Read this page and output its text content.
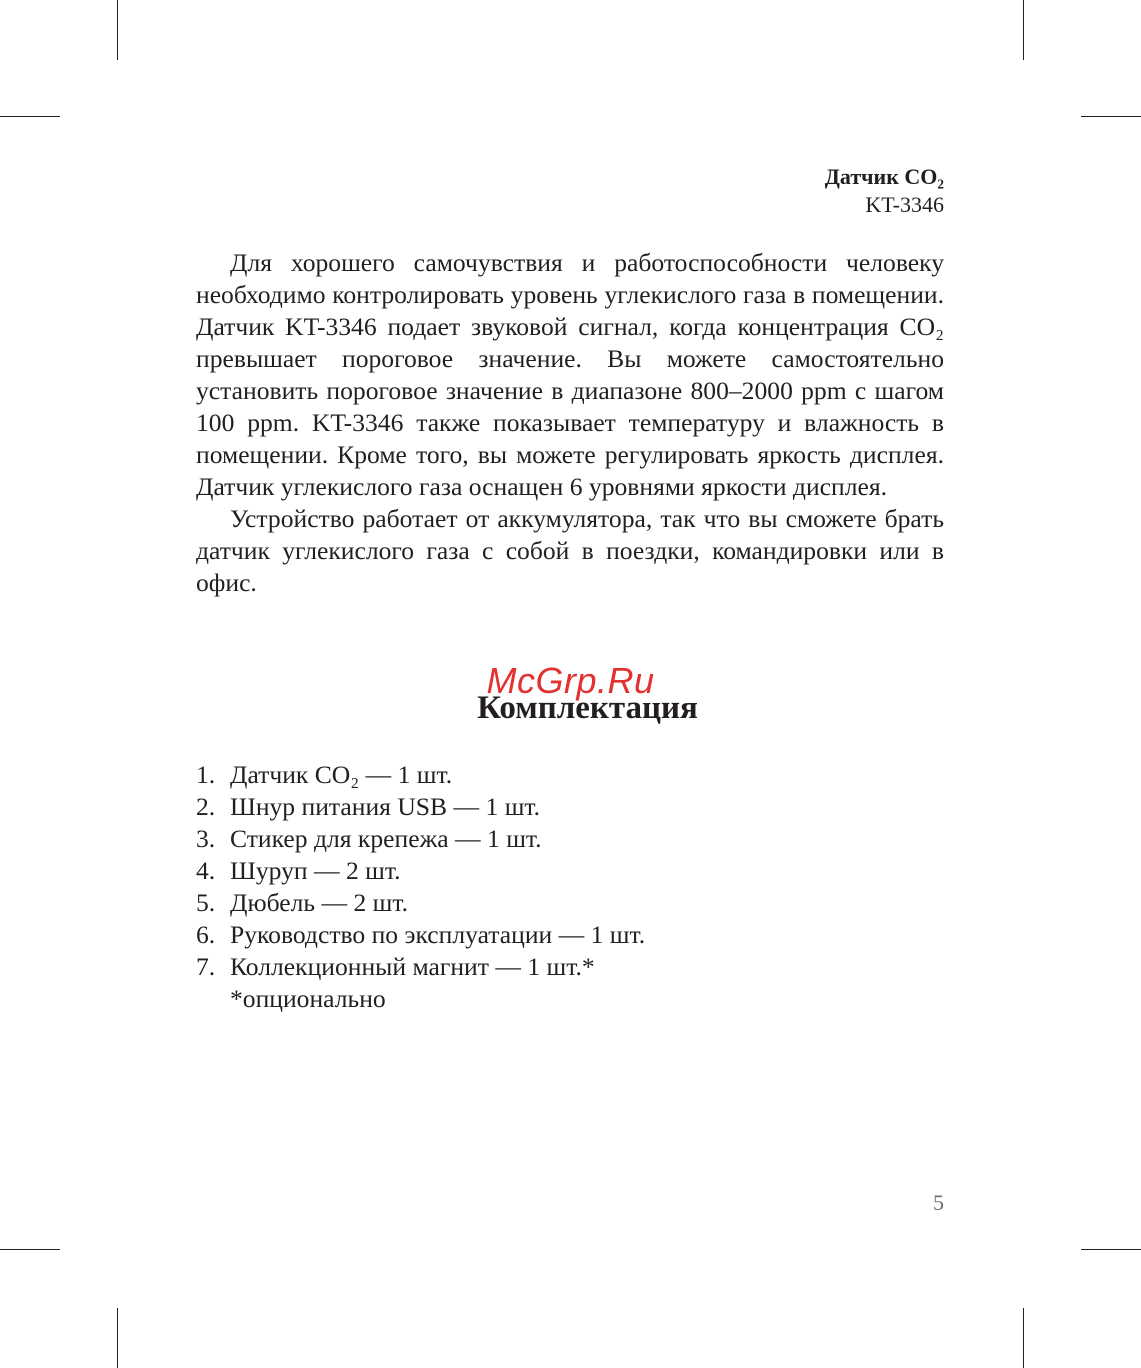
Датчик CO₂
KT-3346

Для хорошего самочувствия и работоспособности человеку необходимо контролировать уровень углекислого газа в помещении. Датчик KT-3346 подает звуковой сигнал, когда концентрация CO₂ превышает пороговое значение. Вы можете самостоятельно установить пороговое значение в диапазоне 800–2000 ppm с шагом 100 ppm. KT-3346 также показывает температуру и влажность в помещении. Кроме того, вы можете регулировать яркость дисплея. Датчик углекислого газа оснащен 6 уровнями яркости дисплея.

Устройство работает от аккумулятора, так что вы сможете брать датчик углекислого газа с собой в поездки, командировки или в офис.

McGrp.Ru
Комплектация
1. Датчик CO₂ — 1 шт.
2. Шнур питания USB — 1 шт.
3. Стикер для крепежа — 1 шт.
4. Шуруп — 2 шт.
5. Дюбель — 2 шт.
6. Руководство по эксплуатации — 1 шт.
7. Коллекционный магнит — 1 шт.*
*опционально
5
